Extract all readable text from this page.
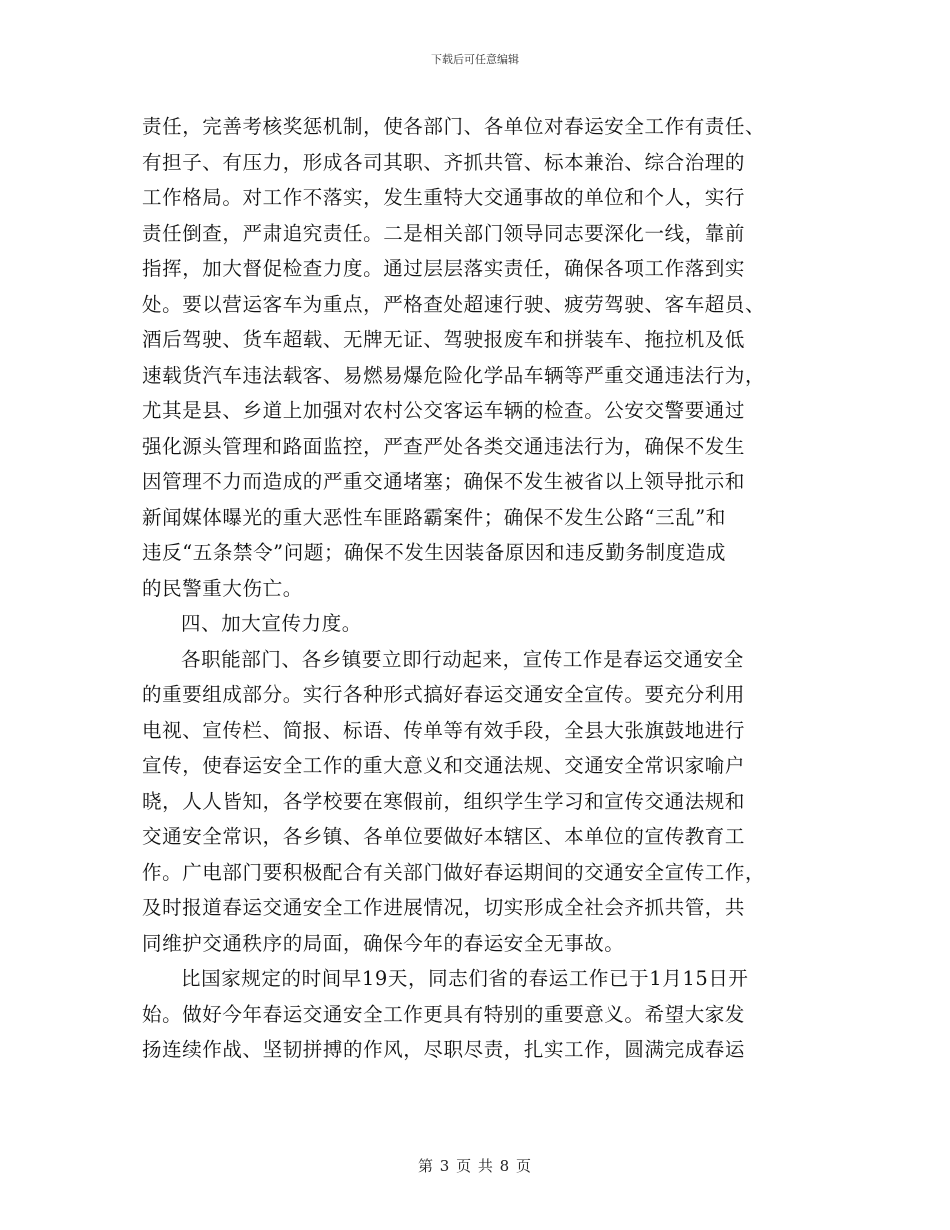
下载后可任意编辑
责任，完善考核奖惩机制，使各部门、各单位对春运安全工作有责任、
有担子、有压力，形成各司其职、齐抓共管、标本兼治、综合治理的
工作格局。对工作不落实，发生重特大交通事故的单位和个人，实行
责任倒查，严肃追究责任。二是相关部门领导同志要深化一线，靠前
指挥，加大督促检查力度。通过层层落实责任，确保各项工作落到实
处。要以营运客车为重点，严格查处超速行驶、疲劳驾驶、客车超员、
酒后驾驶、货车超载、无牌无证、驾驶报废车和拼装车、拖拉机及低
速载货汽车违法载客、易燃易爆危险化学品车辆等严重交通违法行为，
尤其是县、乡道上加强对农村公交客运车辆的检查。公安交警要通过
强化源头管理和路面监控，严查严处各类交通违法行为，确保不发生
因管理不力而造成的严重交通堵塞；确保不发生被省以上领导批示和
新闻媒体曝光的重大恶性车匪路霸案件；确保不发生公路“三乱”和
违反“五条禁令”问题；确保不发生因装备原因和违反勤务制度造成
的民警重大伤亡。
四、加大宣传力度。
各职能部门、各乡镇要立即行动起来，宣传工作是春运交通安全
的重要组成部分。实行各种形式搞好春运交通安全宣传。要充分利用
电视、宣传栏、简报、标语、传单等有效手段，全县大张旗鼓地进行
宣传，使春运安全工作的重大意义和交通法规、交通安全常识家喻户
晓，人人皆知，各学校要在寒假前，组织学生学习和宣传交通法规和
交通安全常识，各乡镇、各单位要做好本辖区、本单位的宣传教育工
作。广电部门要积极配合有关部门做好春运期间的交通安全宣传工作，
及时报道春运交通安全工作进展情况，切实形成全社会齐抓共管，共
同维护交通秩序的局面，确保今年的春运安全无事故。
比国家规定的时间早19天，同志们省的春运工作已于1月15日开
始。做好今年春运交通安全工作更具有特别的重要意义。希望大家发
扬连续作战、坚韧拼搏的作风，尽职尽责，扎实工作，圆满完成春运
第 3 页 共 8 页
